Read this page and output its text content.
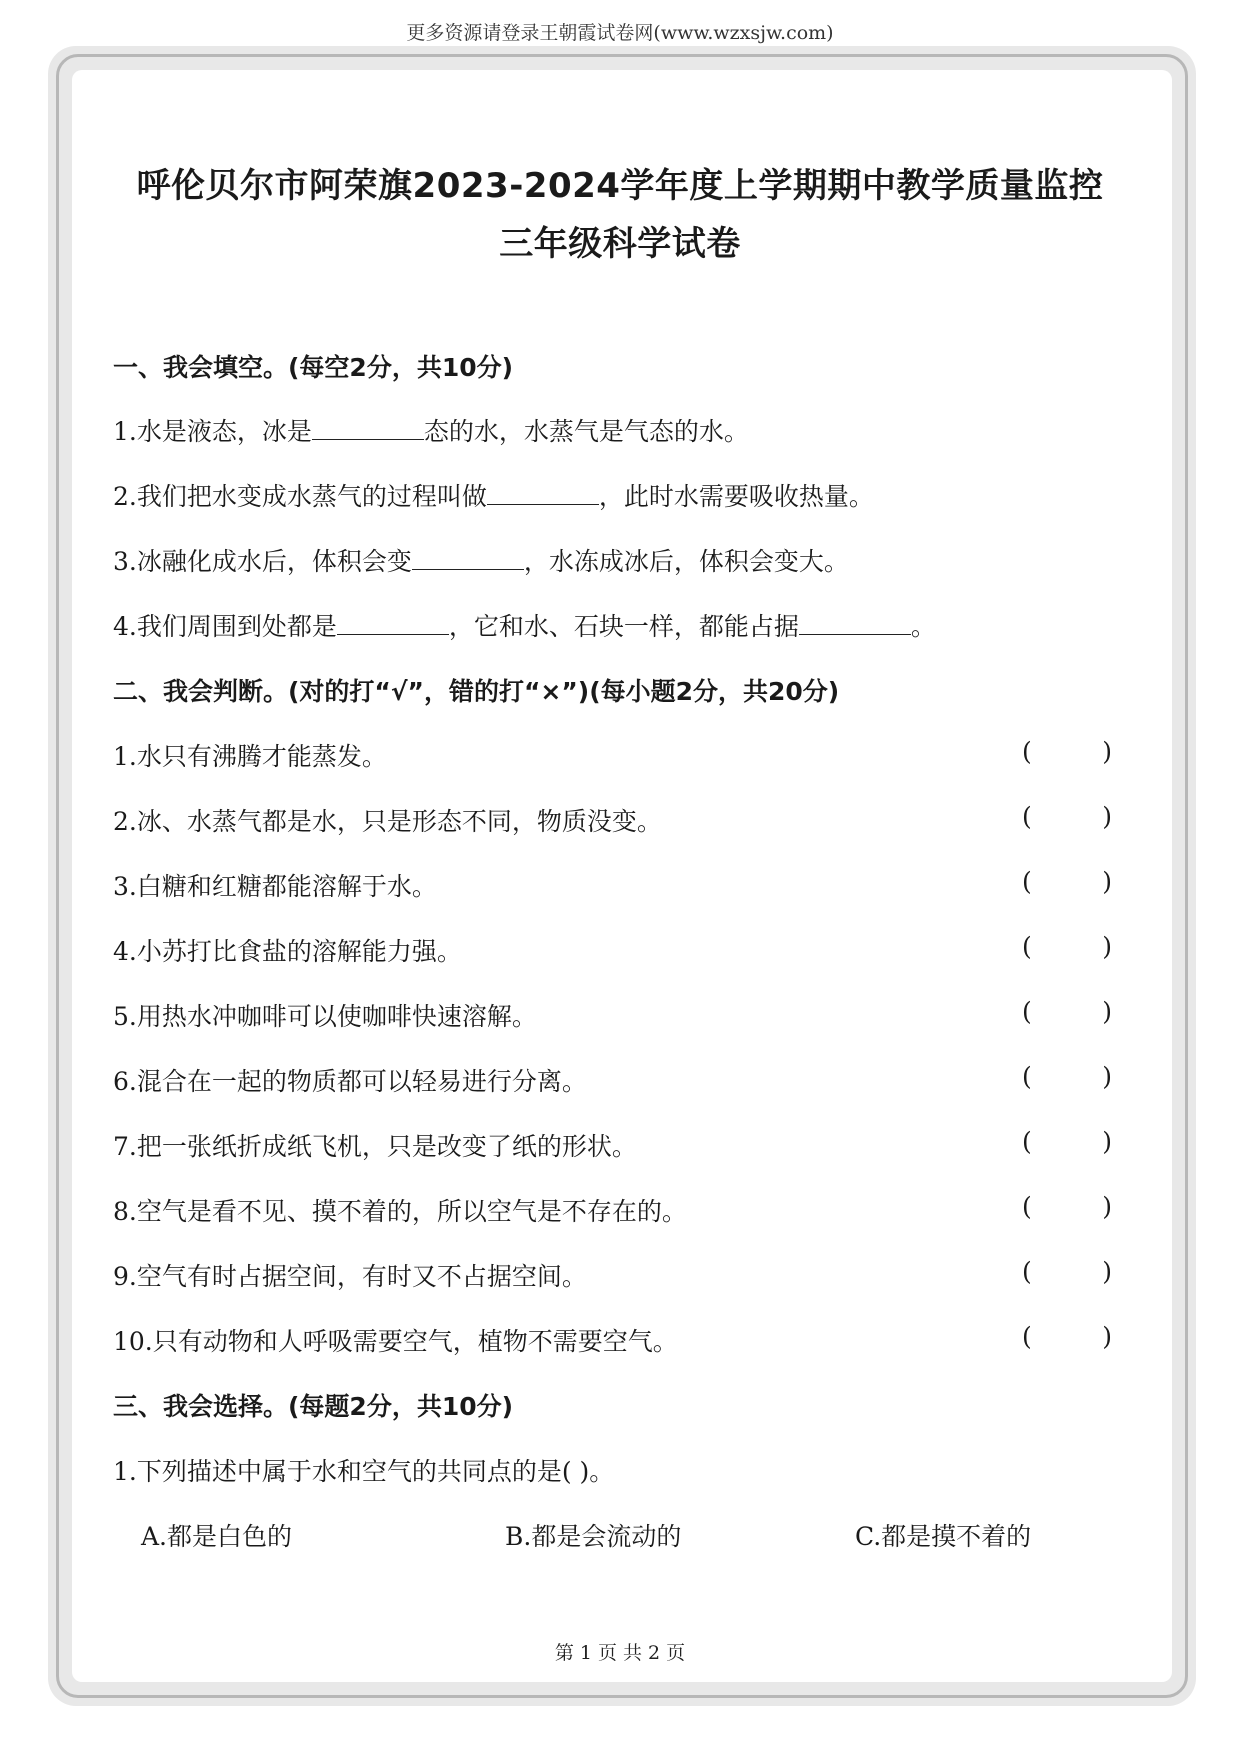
更多资源请登录王朝霞试卷网(www.wzxsjw.com)
呼伦贝尔市阿荣旗2023-2024学年度上学期期中教学质量监控
三年级科学试卷
一、我会填空。(每空2分，共10分)
1.水是液态，冰是	态的水，水蒸气是气态的水。
2.我们把水变成水蒸气的过程叫做	，此时水需要吸收热量。
3.冰融化成水后，体积会变	，水冻成冰后，体积会变大。
4.我们周围到处都是	，它和水、石块一样，都能占据	。
二、我会判断。(对的打“√”，错的打“×”)(每小题2分，共20分)
1.水只有沸腾才能蒸发。	(	)
2.冰、水蒸气都是水，只是形态不同，物质没变。	(	)
3.白糖和红糖都能溶解于水。	(	)
4.小苏打比食盐的溶解能力强。	(	)
5.用热水冲咖啡可以使咖啡快速溶解。	(	)
6.混合在一起的物质都可以轻易进行分离。	(	)
7.把一张纸折成纸飞机，只是改变了纸的形状。	(	)
8.空气是看不见、摸不着的，所以空气是不存在的。	(	)
9.空气有时占据空间，有时又不占据空间。	(	)
10.只有动物和人呼吸需要空气，植物不需要空气。	(	)
三、我会选择。(每题2分，共10分)
1.下列描述中属于水和空气的共同点的是( )。
A.都是白色的	B.都是会流动的	C.都是摸不着的
第 1 页 共 2 页
